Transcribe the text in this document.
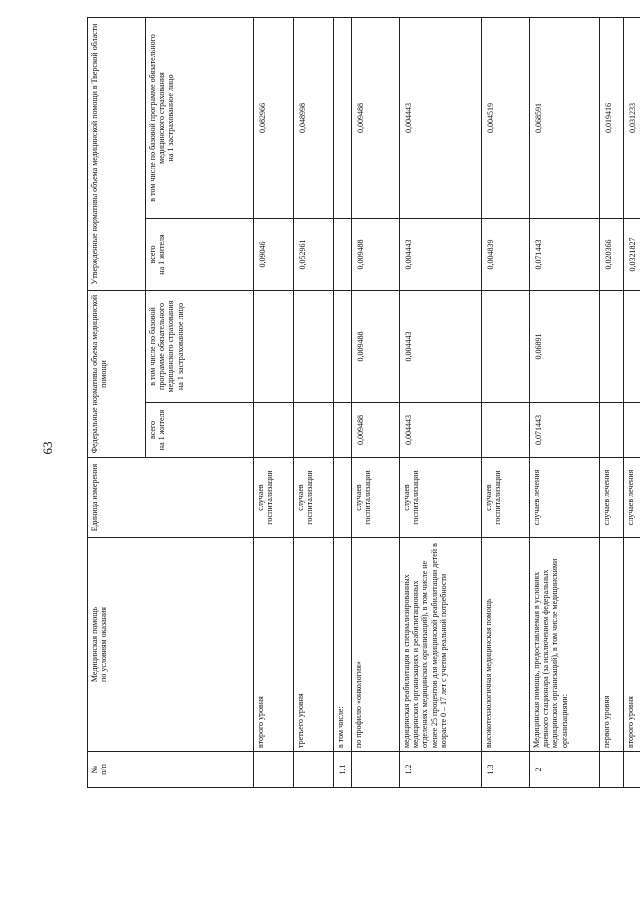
63
№
п/п	Медицинская помощь
по условиям оказания	Единица измерения	Федеральные нормативы объема медицинской помощи		Утвержденные нормативы объема медицинской помощи в Тверской области	
			всего
на 1 жителя	в том числе по базовой программе обязательного медицинского страхования
на 1 застрахованное лицо	всего
на 1 жителя	в том числе по базовой программе обязательного медицинского страхования
на 1 застрахованное лицо
	второго уровня	случаев госпитализации			0,09046	0,082966
	третьего уровня	случаев госпитализации			0,052961	0,048998
1.1	в том числе:					
	по профилю «онкология»	случаев госпитализации	0,009488	0,009488	0,009488	0,009488
1.2	медицинская реабилитация в специализированных медицинских организациях и реабилитационных отделениях медицинских организаций), в том числе не менее 25 процентов для медицинской реабилитации детей в возрасте 0 – 17 лет с учетом реальной потребности	случаев госпитализации	0,004443	0,004443	0,004443	0,004443
1.3	высокотехнологичная медицинская помощь	случаев госпитализации			0,004839	0,004519
2	Медицинская помощь, предоставляемая в условиях дневного стационара (за исключением федеральных медицинских организаций), в том числе медицинскими организациями:	случаев лечения	0,071443	0,06891	0,071443	0,068591
	первого уровня	случаев лечения			0,020366	0,019416
	второго уровня	случаев лечения			0,0321827	0,031233
